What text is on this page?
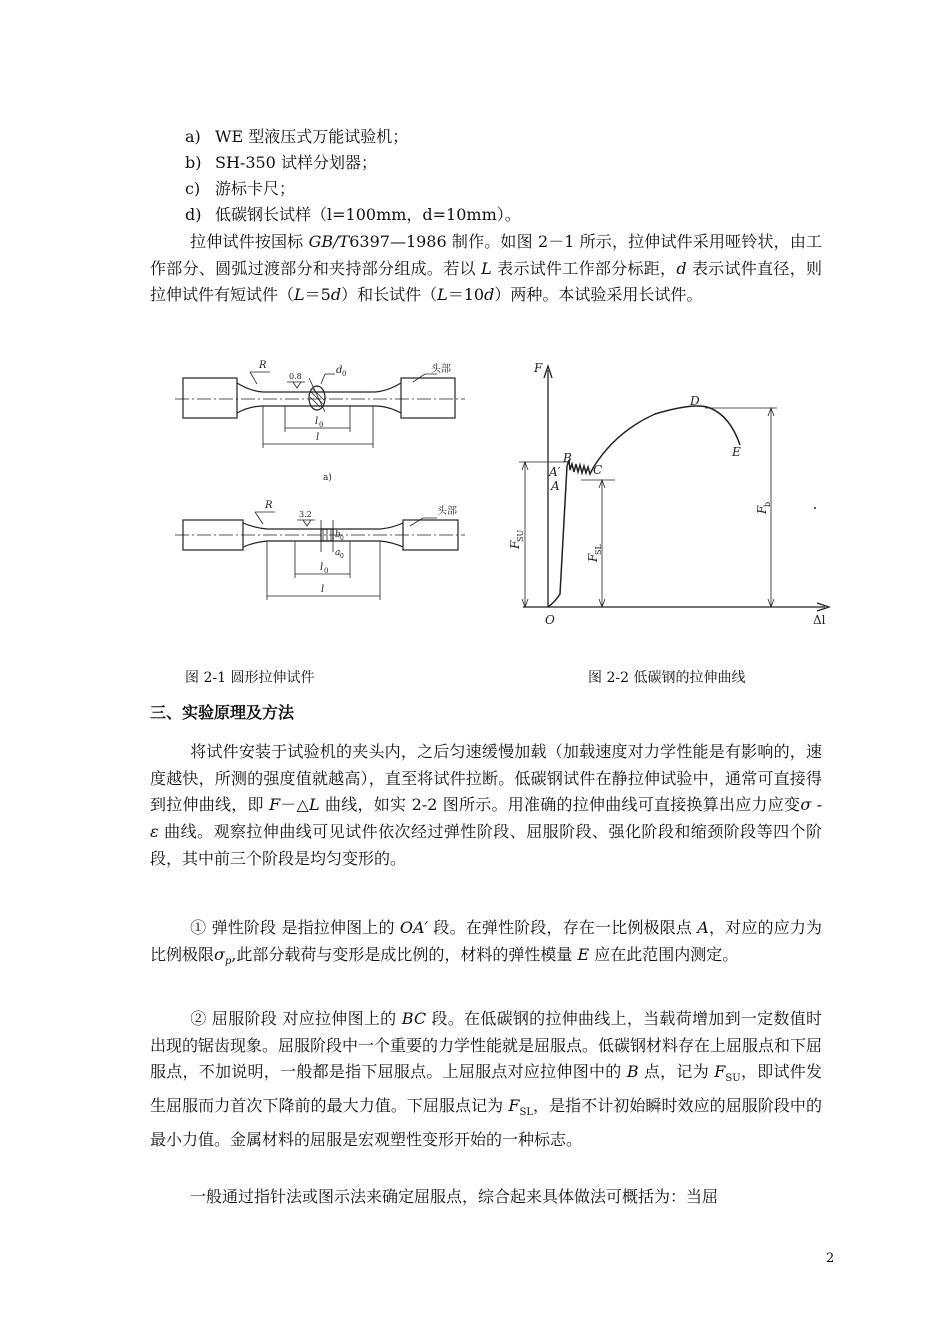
a) WE 型液压式万能试验机；
b) SH-350 试样分划器；
c) 游标卡尺；
d) 低碳钢长试样（l=100mm，d=10mm）。

拉伸试件按国标 GB/T6397—1986 制作。如图 2－1 所示，拉伸试件采用哑铃状，由工作部分、圆弧过渡部分和夹持部分组成。若以 L 表示试件工作部分标距，d 表示试件直径，则拉伸试件有短试件（L＝5d）和长试件（L＝10d）两种。本试验采用长试件。

R
0.8
d 0	头部
l 0
l
a)
R
3.2
b 0
a 0
头部
l 0
l
F
O
A
A′
B
C
D
E
Δl
F
SU
F
SL
F
b
图 2-1 圆形拉伸试件	图 2-2 低碳钢的拉伸曲线
三、实验原理及方法

将试件安装于试验机的夹头内，之后匀速缓慢加载（加载速度对力学性能是有影响的，速度越快，所测的强度值就越高），直至将试件拉断。低碳钢试件在静拉伸试验中，通常可直接得到拉伸曲线，即 F－△L 曲线，如实 2-2 图所示。用准确的拉伸曲线可直接换算出应力应变σ - ε 曲线。观察拉伸曲线可见试件依次经过弹性阶段、屈服阶段、强化阶段和缩颈阶段等四个阶段，其中前三个阶段是均匀变形的。

① 弹性阶段 是指拉伸图上的 OA′ 段。在弹性阶段，存在一比例极限点 A，对应的应力为比例极限$\sigma_p$,此部分载荷与变形是成比例的，材料的弹性模量 E 应在此范围内测定。

② 屈服阶段 对应拉伸图上的 BC 段。在低碳钢的拉伸曲线上，当载荷增加到一定数值时出现的锯齿现象。屈服阶段中一个重要的力学性能就是屈服点。低碳钢材料存在上屈服点和下屈服点，不加说明，一般都是指下屈服点。上屈服点对应拉伸图中的 B 点，记为 $F_{SU}$，即试件发生屈服而力首次下降前的最大力值。下屈服点记为 $F_{SL}$，是指不计初始瞬时效应的屈服阶段中的最小力值。金属材料的屈服是宏观塑性变形开始的一种标志。

一般通过指针法或图示法来确定屈服点，综合起来具体做法可概括为：当屈

2
